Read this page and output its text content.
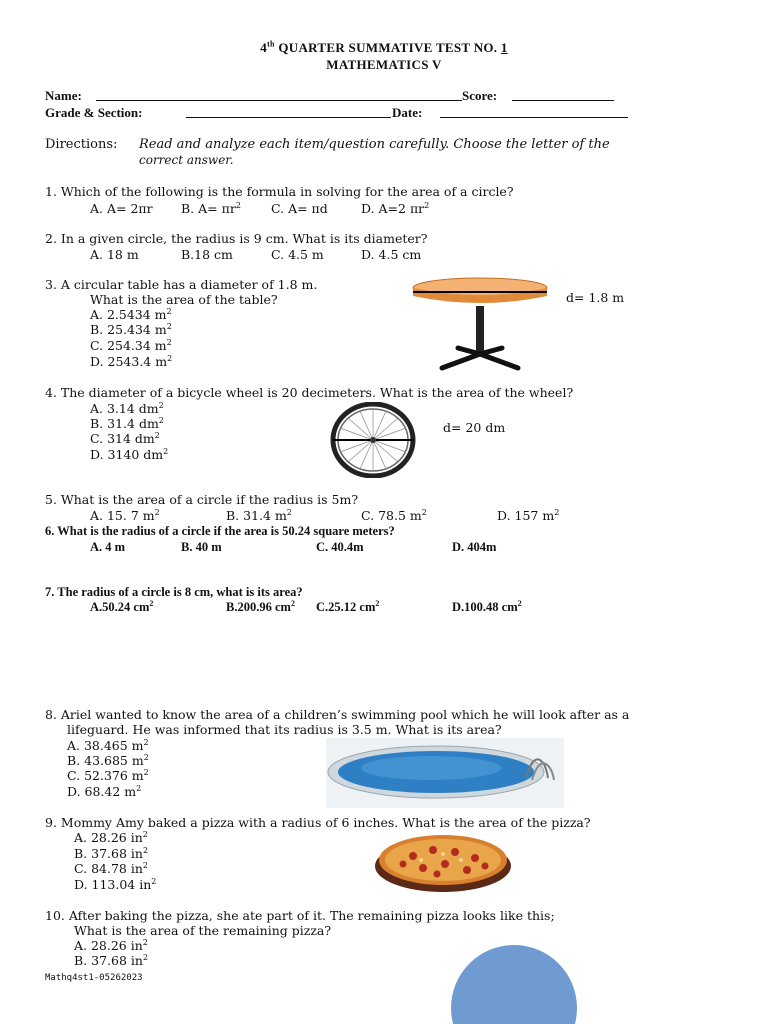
4th QUARTER SUMMATIVE TEST NO. 1
MATHEMATICS V
Name:	Score:
Grade & Section:	Date:
Directions: Read and analyze each item/question carefully. Choose the letter of the
correct answer.
1. Which of the following is the formula in solving for the area of a circle?
A. A= 2πr B. $A= \pi r^2$ C. A= πd	D. A=2 $\pi r^2$
2. In a given circle, the radius is 9 cm. What is its diameter?
A. 18 m	B.18 cm	C. 4.5 m	D. 4.5 cm
3. A circular table has a diameter of 1.8 m.
What is the area of the table?
A. 2.5434 $m^2$
B. 25.434 $m^2$
C. 254.34 $m^2$
D. 2543.4 $m^2$
d= 1.8 m
4. The diameter of a bicycle wheel is 20 decimeters. What is the area of the wheel?
A. 3.14 $dm^2$
B. 31.4 $dm^2$
C. 314 $dm^2$
D. 3140 $dm^2$
d= 20 dm
5. What is the area of a circle if the radius is 5m?
A. 15. 7 $m^2$	B. 31.4 $m^2$	C. 78.5 $m^2$	D. 157 $m^2$
6. What is the radius of a circle if the area is 50.24 square meters?
A. 4 m	B. 40 m	C. 40.4m	D. 404m
7. The radius of a circle is 8 cm, what is its area?
A.50.24 $cm^2$	B.200.96 $cm^2$ C.25.12 $cm^2$	D.100.48 $cm^2$
8. Ariel wanted to know the area of a children’s swimming pool which he will look after as a
lifeguard. He was informed that its radius is 3.5 m. What is its area?
A. 38.465 $m^2$
B. 43.685 $m^2$
C. 52.376 $m^2$
D. 68.42 $m^2$
9. Mommy Amy baked a pizza with a radius of 6 inches. What is the area of the pizza?
A. 28.26 $in^2$
B. 37.68 $in^2$
C. 84.78 $in^2$
D. 113.04 $in^2$
10. After baking the pizza, she ate part of it. The remaining pizza looks like this;
What is the area of the remaining pizza?
A. 28.26 $in^2$
B. 37.68 $in^2$
Mathq4st1-05262023
